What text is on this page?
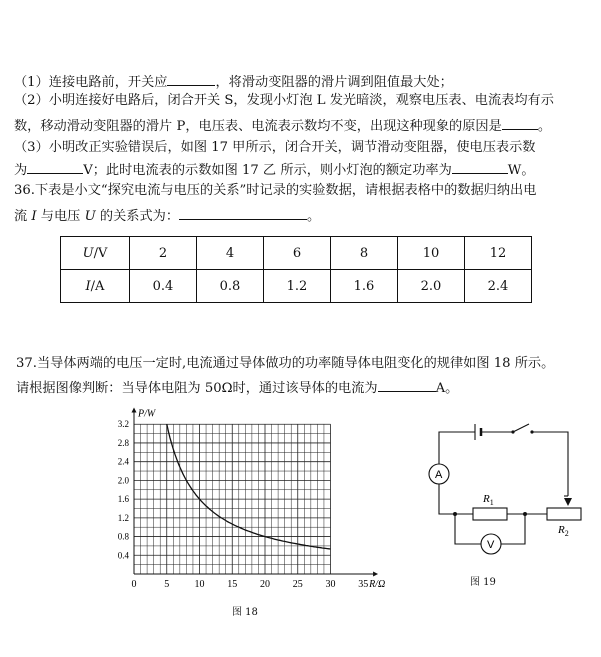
（1）连接电路前，开关应	，将滑动变阻器的滑片调到阻值最大处；
（2）小明连接好电路后，闭合开关 S，发现小灯泡 L 发光暗淡，观察电压表、电流表均有示
数，移动滑动变阻器的滑片 P，电压表、电流表示数均不变，出现这种现象的原因是	。
（3）小明改正实验错误后，如图 17 甲所示，闭合开关，调节滑动变阻器，使电压表示数
为	V；此时电流表的示数如图 17 乙 所示，则小灯泡的额定功率为	W。
36.下表是小文“探究电流与电压的关系”时记录的实验数据，请根据表格中的数据归纳出电
流 I 与电压 U 的关系式为：	。
U/V	2	4	6	8	10	12
I/A	0.4	0.8	1.2	1.6	2.0	2.4
37.当导体两端的电压一定时,电流通过导体做功的功率随导体电阻变化的规律如图 18 所示。
请根据图像判断：当导体电阻为 50Ω时，通过该导体的电流为	A。
0	5	10 15 20 25 30 35
0.4
0.8
1.2
1.6
2.0
2.4
2.8
3.2
P/W
R/Ω
图 18
A
V
$R_1$
$R_2$
图 19
